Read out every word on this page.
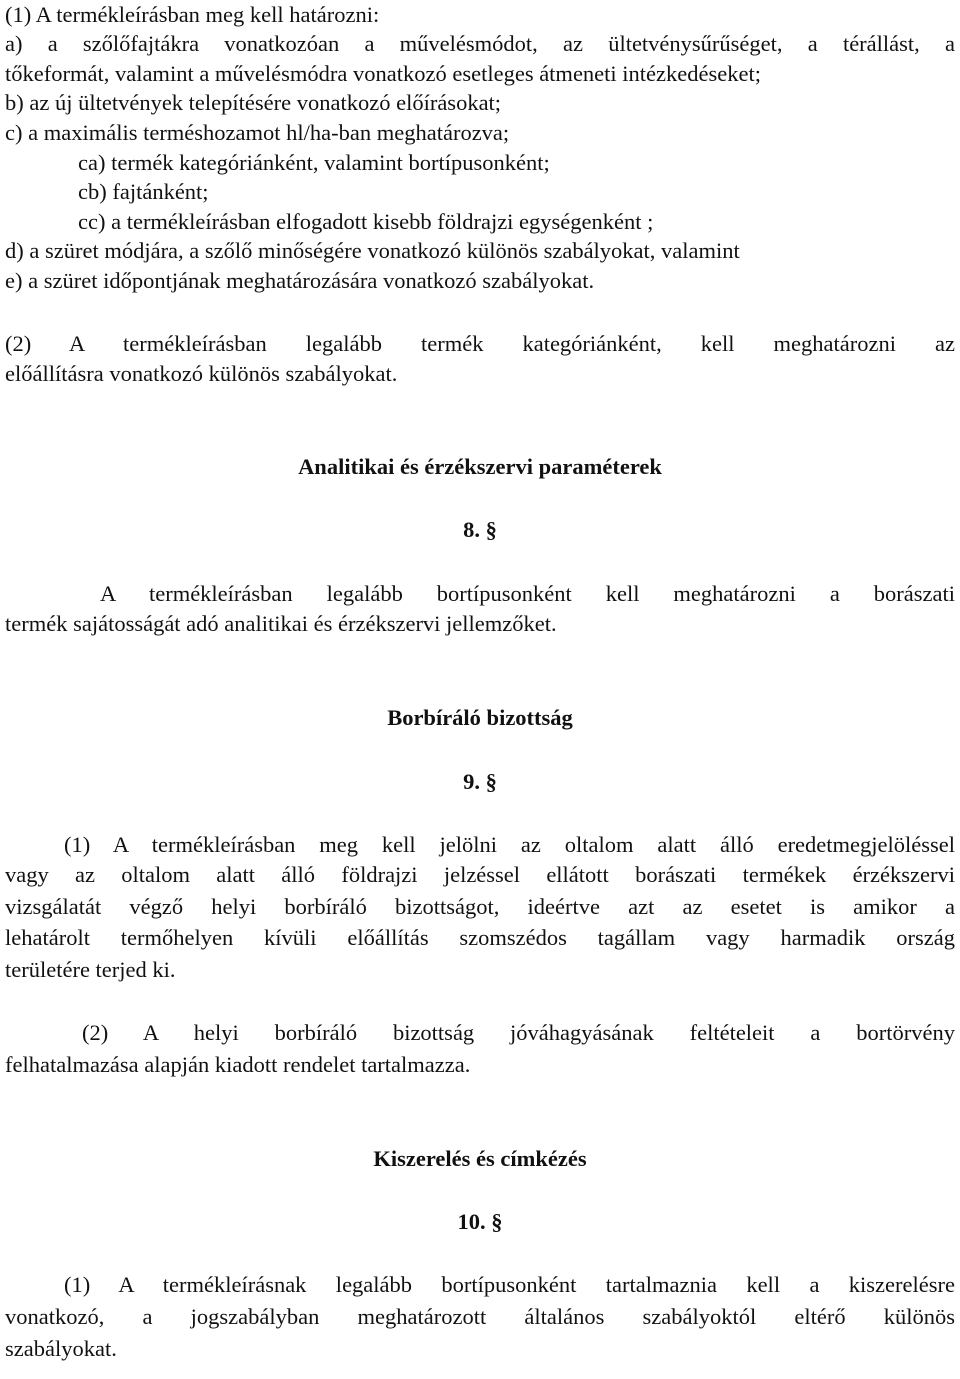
(1) A termékleírásban meg kell határozni:
a) a szőlőfajtákra vonatkozóan a művelésmódot, az ültetvénysűrűséget, a térállást, a
tőkeformát, valamint a művelésmódra vonatkozó esetleges átmeneti intézkedéseket;
b) az új ültetvények telepítésére vonatkozó előírásokat;
c) a maximális terméshozamot hl/ha-ban meghatározva;
ca) termék kategóriánként, valamint bortípusonként;
cb) fajtánként;
cc) a termékleírásban elfogadott kisebb földrajzi egységenként ;
d) a szüret módjára, a szőlő minőségére vonatkozó különös szabályokat, valamint
e) a szüret időpontjának meghatározására vonatkozó szabályokat.
(2) A termékleírásban legalább termék kategóriánként, kell meghatározni az
előállításra vonatkozó különös szabályokat.
Analitikai és érzékszervi paraméterek
8. §
A termékleírásban legalább bortípusonként kell meghatározni a borászati
termék sajátosságát adó analitikai és érzékszervi jellemzőket.
Borbíráló bizottság
9. §
(1) A termékleírásban meg kell jelölni az oltalom alatt álló eredetmegjelöléssel
vagy az oltalom alatt álló földrajzi jelzéssel ellátott borászati termékek érzékszervi
vizsgálatát végző helyi borbíráló bizottságot, ideértve azt az esetet is amikor a
lehatárolt termőhelyen kívüli előállítás szomszédos tagállam vagy harmadik ország
területére terjed ki.
(2) A helyi borbíráló bizottság jóváhagyásának feltételeit a bortörvény
felhatalmazása alapján kiadott rendelet tartalmazza.
Kiszerelés és címkézés
10. §
(1) A termékleírásnak legalább bortípusonként tartalmaznia kell a kiszerelésre
vonatkozó, a jogszabályban meghatározott általános szabályoktól eltérő különös
szabályokat.
